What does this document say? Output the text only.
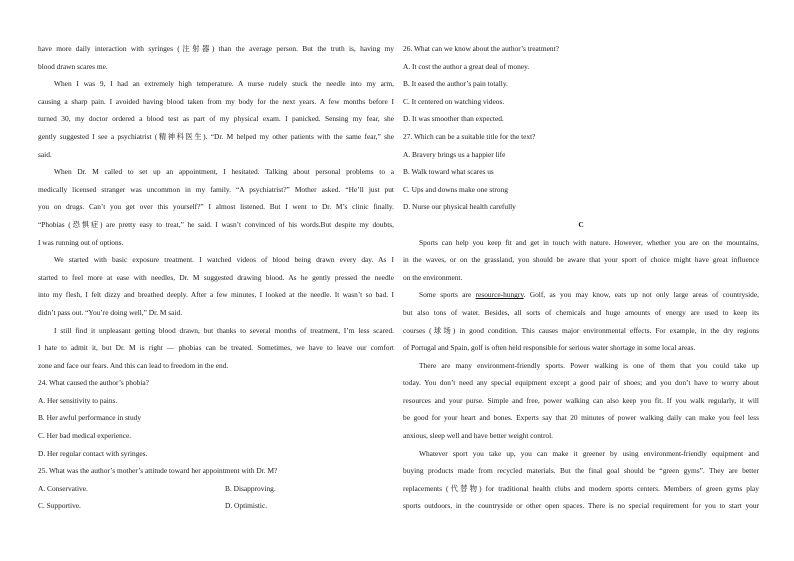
have more daily interaction with syringes (注射器) than the average person. But the truth is, having my
blood drawn scares me.
When I was 9, I had an extremely high temperature. A nurse rudely stuck the needle into my arm,
causing a sharp pain. I avoided having blood taken from my body for the next years. A few months before I
turned 30, my doctor ordered a blood test as part of my physical exam. I panicked. Sensing my fear, she
gently suggested I see a psychiatrist (精神科医生). “Dr. M helped my other patients with the same fear,” she
said.
When Dr. M called to set up an appointment, I hesitated. Talking about personal problems to a
medically licensed stranger was uncommon in my family. “A psychiatrist?” Mother asked. “He’ll just put
you on drugs. Can’t you get over this yourself?” I almost listened. But I went to Dr. M’s clinic finally.
“Phobias (恐惧症) are pretty easy to treat,” he said. I wasn’t convinced of his words.But despite my doubts,
I was running out of options.
We started with basic exposure treatment. I watched videos of blood being drawn every day. As I
started to feel more at ease with needles, Dr. M suggested drawing blood. As he gently pressed the needle
into my flesh, I felt dizzy and breathed deeply. After a few minutes, I looked at the needle. It wasn’t so bad. I
didn’t pass out. “You’re doing well,” Dr. M said.
I still find it unpleasant getting blood drawn, but thanks to several months of treatment, I’m less scared.
I hate to admit it, but Dr. M is right — phobias can be treated. Sometimes, we have to leave our comfort
zone and face our fears. And this can lead to freedom in the end.
24. What caused the author’s phobia?
A. Her sensitivity to pains.
B. Her awful performance in study
C. Her bad medical experience.
D. Her regular contact with syringes.
25. What was the author’s mother’s attitude toward her appointment with Dr. M?
A. Conservative.	B. Disapproving.
C. Supportive.	D. Optimistic.
26. What can we know about the author’s treatment?
A. It cost the author a great deal of money.
B. It eased the author’s pain totally.
C. It centered on watching videos.
D. It was smoother than expected.
27. Which can be a suitable title for the text?
A. Bravery brings us a happier life
B. Walk toward what scares us
C. Ups and downs make one strong
D. Nurse our physical health carefully
C
Sports can help you keep fit and get in touch with nature. However, whether you are on the mountains,
in the waves, or on the grassland, you should be aware that your sport of choice might have great influence
on the environment.
Some sports are resource-hungry. Golf, as you may know, eats up not only large areas of countryside,
but also tons of water. Besides, all sorts of chemicals and huge amounts of energy are used to keep its
courses (球场) in good condition. This causes major environmental effects. For example, in the dry regions
of Portugal and Spain, golf is often held responsible for serious water shortage in some local areas.
There are many environment-friendly sports. Power walking is one of them that you could take up
today. You don’t need any special equipment except a good pair of shoes; and you don’t have to worry about
resources and your purse. Simple and free, power walking can also keep you fit. If you walk regularly, it will
be good for your heart and bones. Experts say that 20 minutes of power walking daily can make you feel less
anxious, sleep well and have better weight control.
Whatever sport you take up, you can make it greener by using environment-friendly equipment and
buying products made from recycled materials. But the final goal should be “green gyms”. They are better
replacements (代替物) for traditional health clubs and modern sports centers. Members of green gyms play
sports outdoors, in the countryside or other open spaces. There is no special requirement for you to start your
